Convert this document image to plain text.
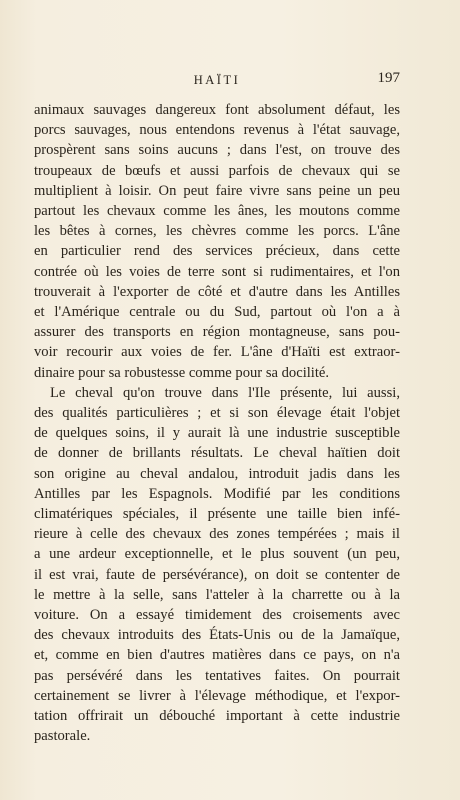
HAÏTI	197

animaux sauvages dangereux font absolument défaut, les
porcs sauvages, nous entendons revenus à l'état sauvage,
prospèrent sans soins aucuns ; dans l'est, on trouve des
troupeaux de bœufs et aussi parfois de chevaux qui se
multiplient à loisir. On peut faire vivre sans peine un peu
partout les chevaux comme les ânes, les moutons comme
les bêtes à cornes, les chèvres comme les porcs. L'âne
en particulier rend des services précieux, dans cette
contrée où les voies de terre sont si rudimentaires, et l'on
trouverait à l'exporter de côté et d'autre dans les Antilles
et l'Amérique centrale ou du Sud, partout où l'on a à
assurer des transports en région montagneuse, sans pou-
voir recourir aux voies de fer. L'âne d'Haïti est extraor-
dinaire pour sa robustesse comme pour sa docilité.

Le cheval qu'on trouve dans l'Ile présente, lui aussi,
des qualités particulières ; et si son élevage était l'objet
de quelques soins, il y aurait là une industrie susceptible
de donner de brillants résultats. Le cheval haïtien doit
son origine au cheval andalou, introduit jadis dans les
Antilles par les Espagnols. Modifié par les conditions
climatériques spéciales, il présente une taille bien infé-
rieure à celle des chevaux des zones tempérées ; mais il
a une ardeur exceptionnelle, et le plus souvent (un peu,
il est vrai, faute de persévérance), on doit se contenter de
le mettre à la selle, sans l'atteler à la charrette ou à la
voiture. On a essayé timidement des croisements avec
des chevaux introduits des États-Unis ou de la Jamaïque,
et, comme en bien d'autres matières dans ce pays, on n'a
pas persévéré dans les tentatives faites. On pourrait
certainement se livrer à l'élevage méthodique, et l'expor-
tation offrirait un débouché important à cette industrie
pastorale.
